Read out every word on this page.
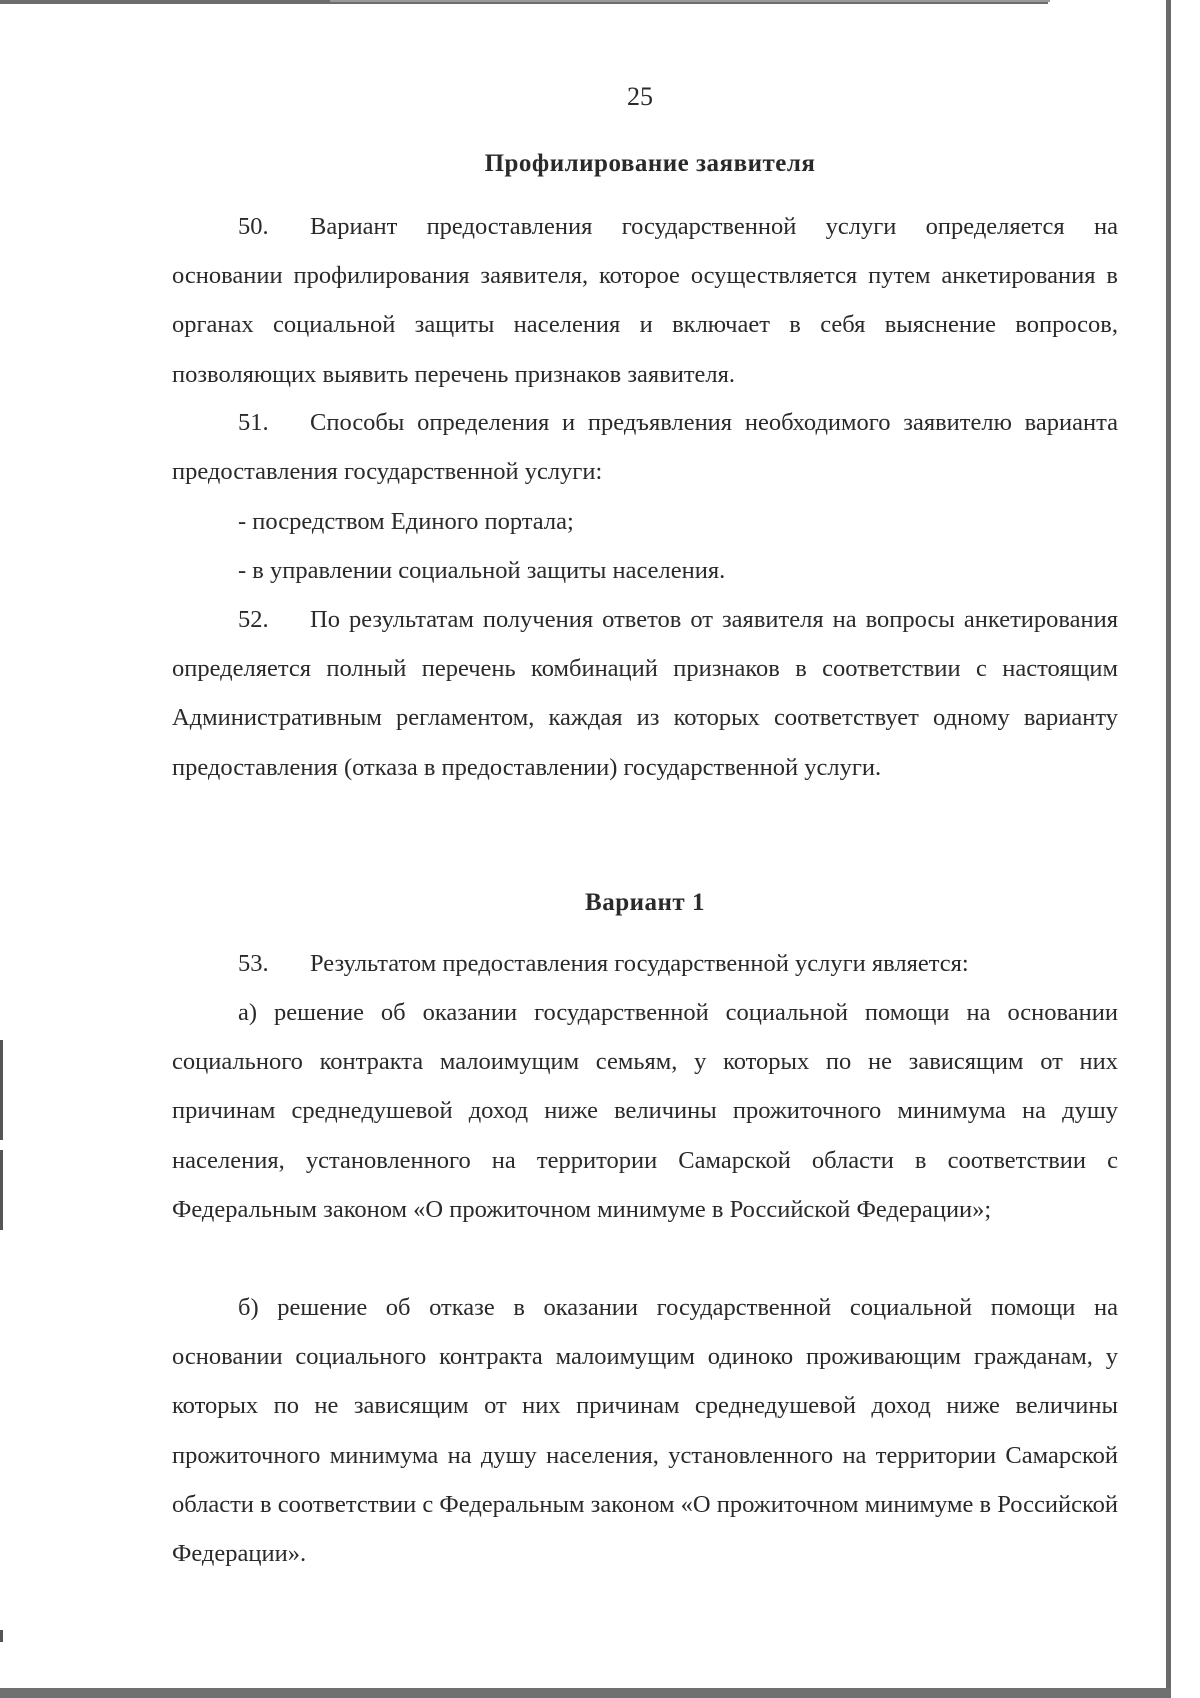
25
Профилирование заявителя
50. Вариант предоставления государственной услуги определяется на основании профилирования заявителя, которое осуществляется путем анкетирования в органах социальной защиты населения и включает в себя выяснение вопросов, позволяющих выявить перечень признаков заявителя.
51. Способы определения и предъявления необходимого заявителю варианта предоставления государственной услуги:
- посредством Единого портала;
- в управлении социальной защиты населения.
52. По результатам получения ответов от заявителя на вопросы анкетирования определяется полный перечень комбинаций признаков в соответствии с настоящим Административным регламентом, каждая из которых соответствует одному варианту предоставления (отказа в предоставлении) государственной услуги.
Вариант 1
53. Результатом предоставления государственной услуги является:
а) решение об оказании государственной социальной помощи на основании социального контракта малоимущим семьям, у которых по не зависящим от них причинам среднедушевой доход ниже величины прожиточного минимума на душу населения, установленного на территории Самарской области в соответствии с Федеральным законом «О прожиточном минимуме в Российской Федерации»;
б) решение об отказе в оказании государственной социальной помощи на основании социального контракта малоимущим одиноко проживающим гражданам, у которых по не зависящим от них причинам среднедушевой доход ниже величины прожиточного минимума на душу населения, установленного на территории Самарской области в соответствии с Федеральным законом «О прожиточном минимуме в Российской Федерации».
